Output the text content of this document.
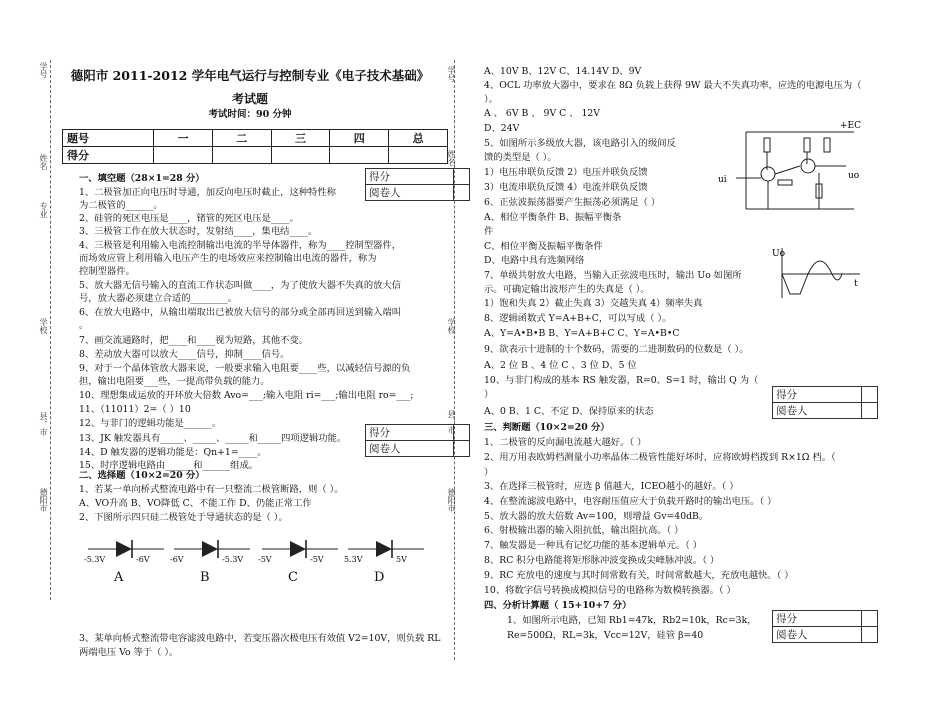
学号
姓名
专业
学校
县、市
德阳市
学号
姓名
学校
县、市
德阳市
德阳市 2011-2012 学年电气运行与控制专业《电子技术基础》
考试题
考试时间：90 分钟
题号	一	二	三	四	总
得分					
得分	
阅卷人	
得分	
阅卷人	
得分	
阅卷人	
得分	
阅卷人	
一、填空题（28×1=28 分）
1、二极管加正向电压时导通，加反向电压时截止，这种特性称
为二极管的______。
2、硅管的死区电压是____，锗管的死区电压是____。
3、三极管工作在放大状态时，发射结____，集电结____。
4、三极管是利用输入电流控制输出电流的半导体器件，称为____控制型器件，
而场效应管上利用输入电压产生的电场效应来控制输出电流的器件，称为
控制型器件。
5、放大器无信号输入的直流工作状态叫做____，为了使放大器不失真的放大信
号，放大器必须建立合适的________。
6、在放大电路中，从输出端取出已被放大信号的部分或全部再回送到输入端叫
。
7、画交流通路时，把____和____视为短路，其他不变。
8、差动放大器可以放大____信号，抑制____信号。
9、对于一个晶体管放大器来说，一般要求输入电阻要____些，以减轻信号源的负
担，输出电阻要___些，一提高带负载的能力。
10、理想集成运放的开环放大倍数 Avo=___;输入电阻 ri=___;输出电阻 ro=___;
11、（11011）2=（ ）10
12、与非门的逻辑功能是______。
13、JK 触发器具有_____、_____、_____和_____四项逻辑功能。
14、D 触发器的逻辑功能是：Qn+1=____。
15、时序逻辑电路由______和______组成。
二、选择题（10×2=20 分）
1、若某一单向桥式整流电路中有一只整流二极管断路，则（ ）。
A、VO升高 B、VO降低 C、不能工作 D、仍能正常工作
2、下图所示四只硅二极管处于导通状态的是（ ）。
-5.3V	-6V
A
-6V	-5.3V
B
-5V	-5V
C
5.3V	5V
D
3、某单向桥式整流带电容滤波电路中，若变压器次极电压有效值 V2=10V，则负载 RL
两端电压 Vo 等于（ ）。
A、10V B、12V C、14.14V D、9V
4、OCL 功率放大器中，要求在 8Ω 负载上获得 9W 最大不失真功率，应选的电源电压为（
）。
A 、 6V B 、 9V C 、 12V
D、24V
5、如图所示多级放大器，该电路引入的级间反
馈的类型是（ ）。
1）电压串联负反馈 2）电压并联负反馈
3）电流串联负反馈 4）电流并联负反馈
6、正弦波振荡器要产生振荡必须满足（ ）
A、相位平衡条件 B、振幅平衡条
件
C、相位平衡及振幅平衡条件
D、电路中具有选频网络
7、单级共射放大电路，当输入正弦波电压时，输出 Uo 如图所
示。可确定输出波形产生的失真是（ ）。
1）饱和失真 2）截止失真 3）交越失真 4）频率失真
8、逻辑函数式 Y=A+B+C，可以写成（ ）。
A、Y=A•B•B B、Y=A+B+C C、Y=A•B•C
9、欲表示十进制的十个数码，需要的二进制数码的位数是（ ）。
A、2 位 B 、4 位 C 、3 位 D、5 位
10、与非门构成的基本 RS 触发器，R=0、S=1 时，输出 Q 为（
）
A、0 B、1 C、不定 D、保持原来的状态
三、判断题（10×2=20 分）
1、二极管的反向漏电流越大越好。（ ）
2、用万用表欧姆档测量小功率晶体二极管性能好坏时，应将欧姆档拨到 R×1Ω 档。（
）
3、在选择三极管时，应选 β 值越大，ICEO越小的越好。（ ）
4、在整流滤波电路中，电容耐压值应大于负载开路时的输出电压。（ ）
5、放大器的放大倍数 Av=100，则增益 Gv=40dB。
6、射极输出器的输入阻抗低，输出阻抗高。（ ）
7、触发器是一种具有记忆功能的基本逻辑单元。（ ）
8、RC 积分电路能将矩形脉冲波变换成尖峰脉冲波。（ ）
9、RC 充放电的速度与其时间常数有关，时间常数越大，充放电越快。（ ）
10、将数字信号转换成模拟信号的电路称为数模转换器。（ ）
四、分析计算题（ 15+10+7 分）
1、如图所示电路，已知 Rb1=47k，Rb2=10k，Rc=3k，
Re=500Ω，RL=3k，Vcc=12V，硅管 β=40
+EC
ui	uo
Uo
t
